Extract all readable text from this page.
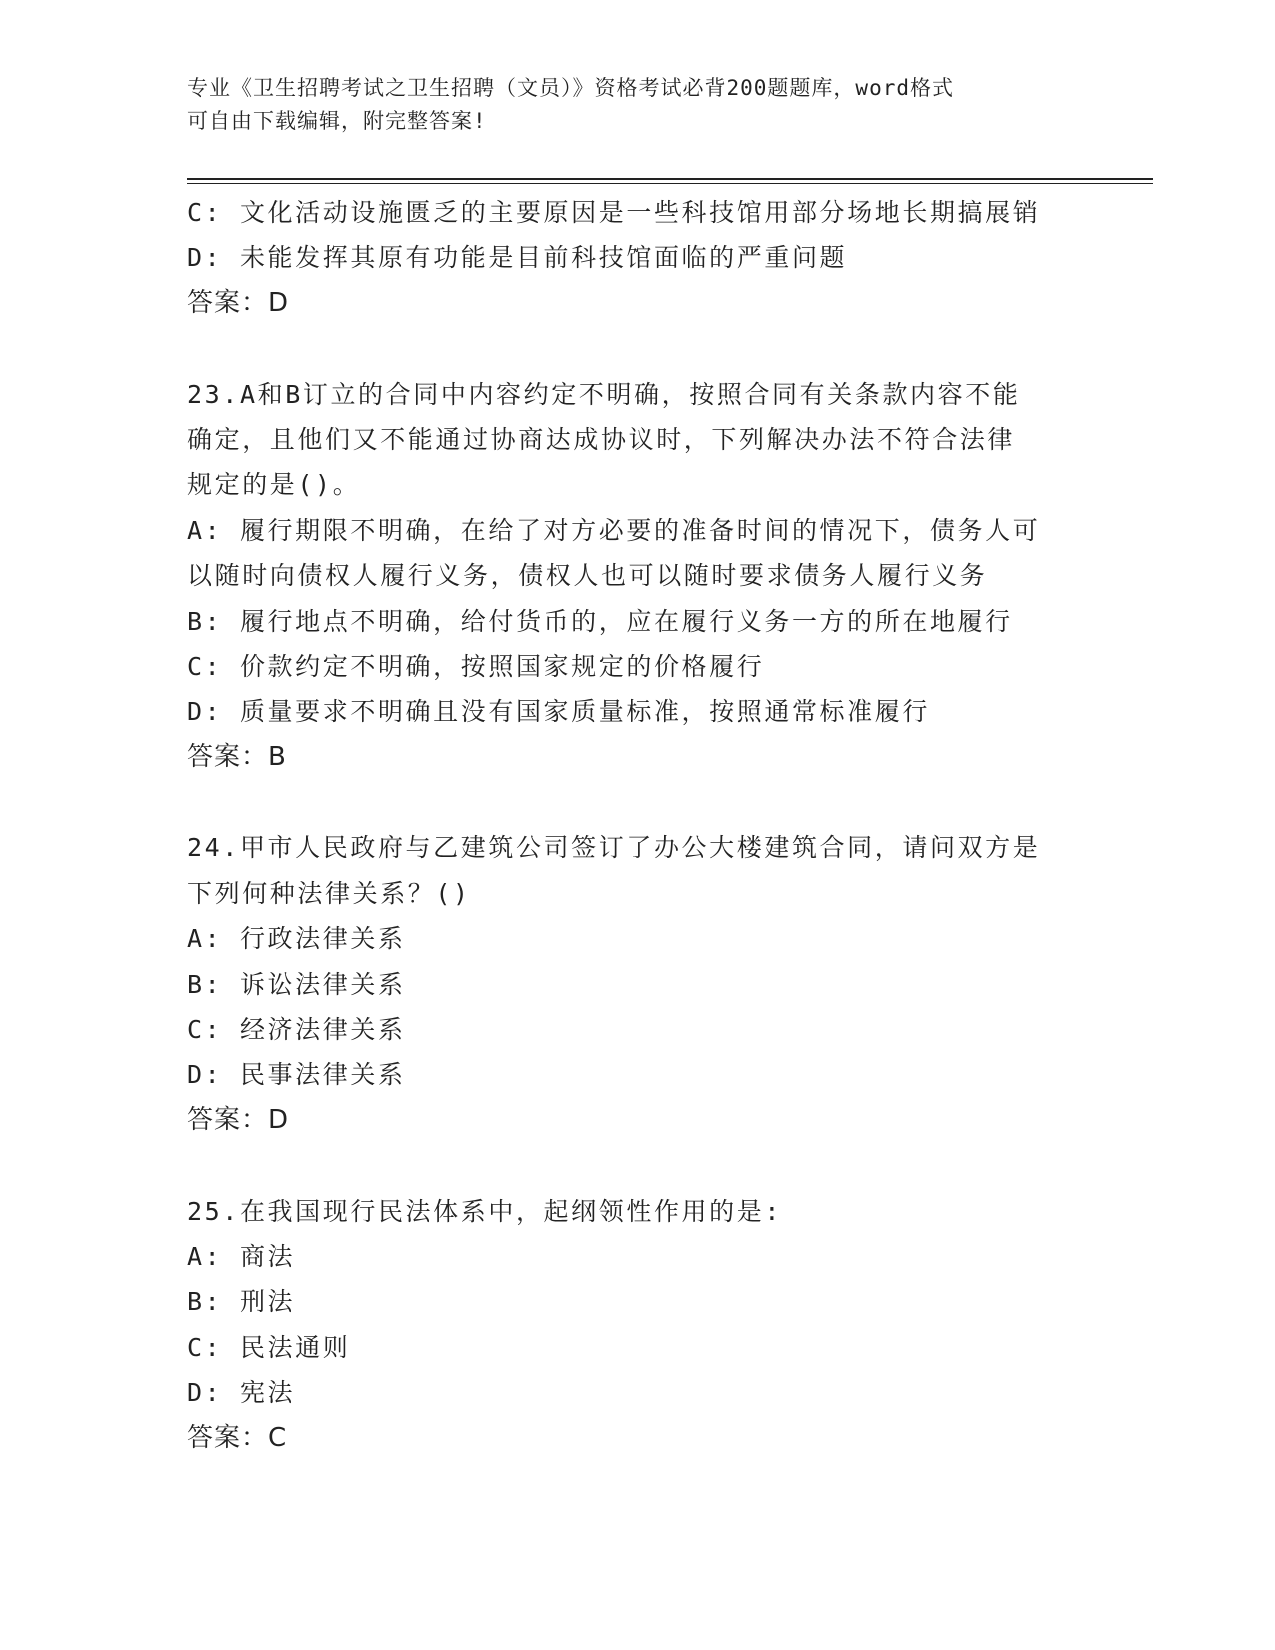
专业《卫生招聘考试之卫生招聘（文员）》资格考试必背200题题库，word格式
可自由下载编辑，附完整答案!
C: 文化活动设施匮乏的主要原因是一些科技馆用部分场地长期搞展销
D: 未能发挥其原有功能是目前科技馆面临的严重问题
答案：D
23.A和B订立的合同中内容约定不明确，按照合同有关条款内容不能
确定，且他们又不能通过协商达成协议时，下列解决办法不符合法律
规定的是()。
A: 履行期限不明确，在给了对方必要的准备时间的情况下，债务人可
以随时向债权人履行义务，债权人也可以随时要求债务人履行义务
B: 履行地点不明确，给付货币的，应在履行义务一方的所在地履行
C: 价款约定不明确，按照国家规定的价格履行
D: 质量要求不明确且没有国家质量标准，按照通常标准履行
答案：B
24.甲市人民政府与乙建筑公司签订了办公大楼建筑合同，请问双方是
下列何种法律关系？()
A: 行政法律关系
B: 诉讼法律关系
C: 经济法律关系
D: 民事法律关系
答案：D
25.在我国现行民法体系中，起纲领性作用的是:
A: 商法
B: 刑法
C: 民法通则
D: 宪法
答案：C
